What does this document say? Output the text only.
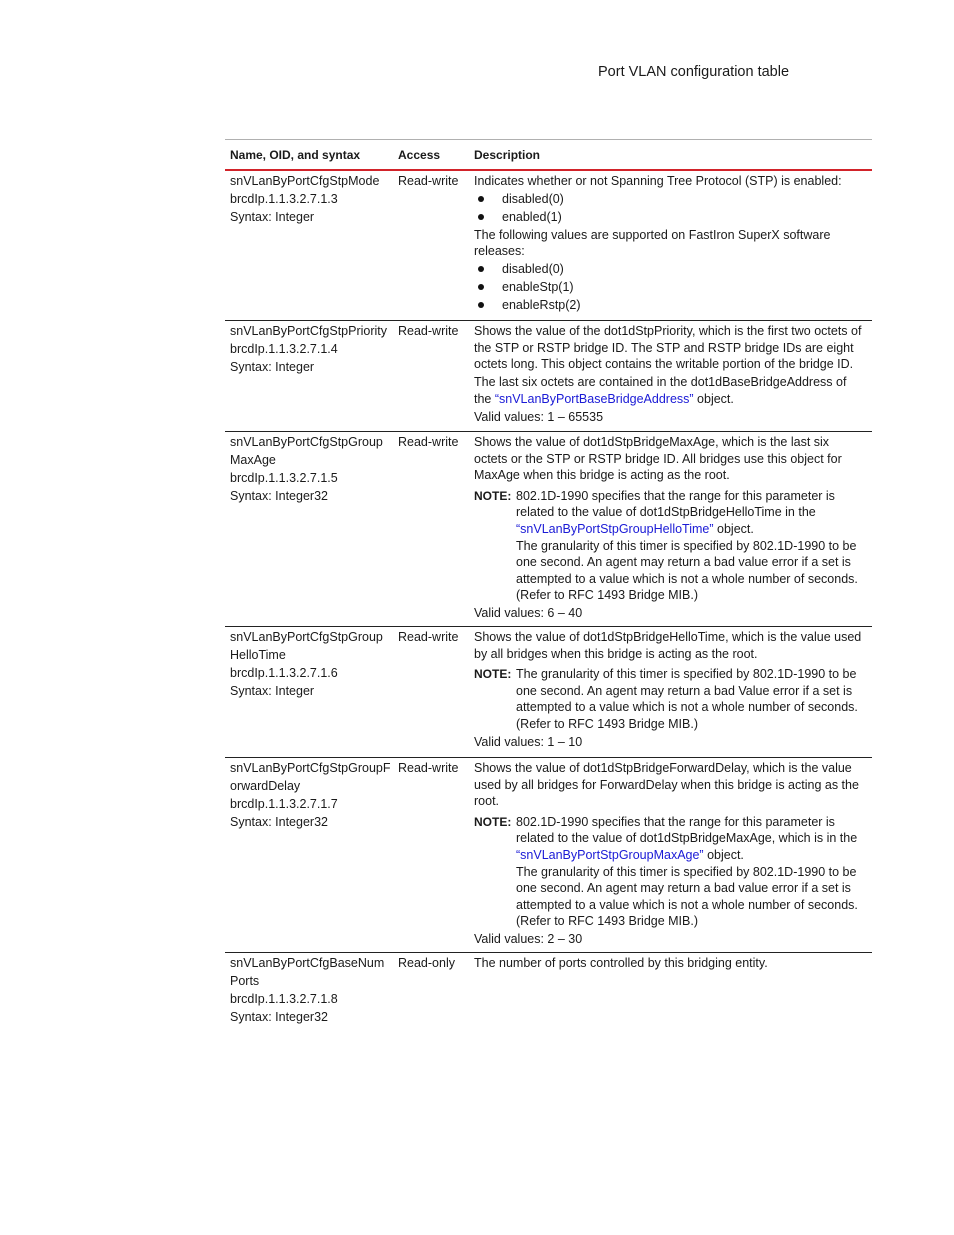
Port VLAN configuration table
Name, OID, and syntax	Access	Description
snVLanByPortCfgStpMode
brcdIp.1.1.3.2.7.1.3
Syntax: Integer
Read-write	Indicates whether or not Spanning Tree Protocol (STP) is enabled:

disabled(0)
enabled(1)

The following values are supported on FastIron SuperX software releases:

disabled(0)
enableStp(1)
enableRstp(2)
snVLanByPortCfgStpPriority
brcdIp.1.1.3.2.7.1.4
Syntax: Integer
Read-write	Shows the value of the dot1dStpPriority, which is the first two octets of the STP or RSTP bridge ID. The STP and RSTP bridge IDs are eight octets long. This object contains the writable portion of the bridge ID.

The last six octets are contained in the dot1dBaseBridgeAddress of the “snVLanByPortBaseBridgeAddress” object.

Valid values: 1 – 65535

snVLanByPortCfgStpGroup
MaxAge
brcdIp.1.1.3.2.7.1.5
Syntax: Integer32
Read-write	Shows the value of dot1dStpBridgeMaxAge, which is the last six octets or the STP or RSTP bridge ID. All bridges use this object for MaxAge when this bridge is acting as the root.

NOTE: 802.1D-1990 specifies that the range for this parameter is related to the value of dot1dStpBridgeHelloTime in the “snVLanByPortStpGroupHelloTime” object.

The granularity of this timer is specified by 802.1D-1990 to be one second. An agent may return a bad value error if a set is attempted to a value which is not a whole number of seconds. (Refer to RFC 1493 Bridge MIB.)

Valid values: 6 – 40

snVLanByPortCfgStpGroup
HelloTime
brcdIp.1.1.3.2.7.1.6
Syntax: Integer
Read-write	Shows the value of dot1dStpBridgeHelloTime, which is the value used by all bridges when this bridge is acting as the root.

NOTE: The granularity of this timer is specified by 802.1D-1990 to be one second. An agent may return a bad Value error if a set is attempted to a value which is not a whole number of seconds. (Refer to RFC 1493 Bridge MIB.)

Valid values: 1 – 10

snVLanByPortCfgStpGroupF
orwardDelay
brcdIp.1.1.3.2.7.1.7
Syntax: Integer32
Read-write	Shows the value of dot1dStpBridgeForwardDelay, which is the value used by all bridges for ForwardDelay when this bridge is acting as the root.

NOTE: 802.1D-1990 specifies that the range for this parameter is related to the value of dot1dStpBridgeMaxAge, which is in the “snVLanByPortStpGroupMaxAge” object.

The granularity of this timer is specified by 802.1D-1990 to be one second. An agent may return a bad value error if a set is attempted to a value which is not a whole number of seconds. (Refer to RFC 1493 Bridge MIB.)

Valid values: 2 – 30

snVLanByPortCfgBaseNum
Ports
brcdIp.1.1.3.2.7.1.8
Syntax: Integer32
Read-only	The number of ports controlled by this bridging entity.
